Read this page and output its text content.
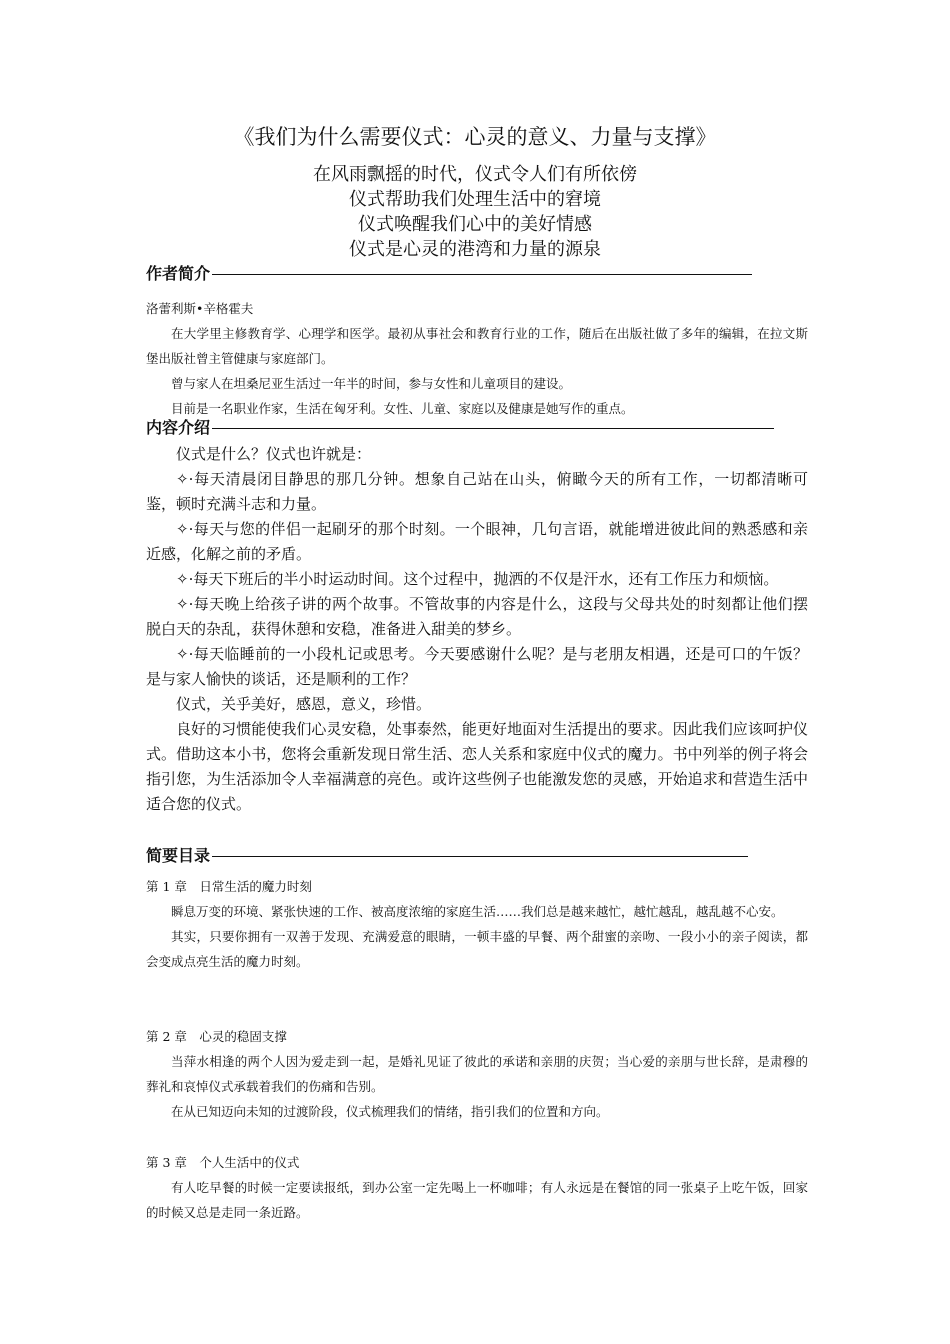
《我们为什么需要仪式：心灵的意义、力量与支撑》
在风雨飘摇的时代，仪式令人们有所依傍
仪式帮助我们处理生活中的窘境
仪式唤醒我们心中的美好情感
仪式是心灵的港湾和力量的源泉
作者简介

洛蕾利斯•辛格霍夫

在大学里主修教育学、心理学和医学。最初从事社会和教育行业的工作，随后在出版社做了多年的编辑，在拉文斯堡出版社曾主管健康与家庭部门。

曾与家人在坦桑尼亚生活过一年半的时间，参与女性和儿童项目的建设。

目前是一名职业作家，生活在匈牙利。女性、儿童、家庭以及健康是她写作的重点。

内容介绍

仪式是什么？仪式也许就是：

✧·每天清晨闭目静思的那几分钟。想象自己站在山头，俯瞰今天的所有工作，一切都清晰可鉴，顿时充满斗志和力量。

✧·每天与您的伴侣一起刷牙的那个时刻。一个眼神，几句言语，就能增进彼此间的熟悉感和亲近感，化解之前的矛盾。

✧·每天下班后的半小时运动时间。这个过程中，抛洒的不仅是汗水，还有工作压力和烦恼。

✧·每天晚上给孩子讲的两个故事。不管故事的内容是什么，这段与父母共处的时刻都让他们摆脱白天的杂乱，获得休憩和安稳，准备进入甜美的梦乡。

✧·每天临睡前的一小段札记或思考。今天要感谢什么呢？是与老朋友相遇，还是可口的午饭？是与家人愉快的谈话，还是顺利的工作？

仪式，关乎美好，感恩，意义，珍惜。

良好的习惯能使我们心灵安稳，处事泰然，能更好地面对生活提出的要求。因此我们应该呵护仪式。借助这本小书，您将会重新发现日常生活、恋人关系和家庭中仪式的魔力。书中列举的例子将会指引您，为生活添加令人幸福满意的亮色。或许这些例子也能激发您的灵感，开始追求和营造生活中适合您的仪式。

简要目录

第 1 章　日常生活的魔力时刻

瞬息万变的环境、紧张快速的工作、被高度浓缩的家庭生活……我们总是越来越忙，越忙越乱，越乱越不心安。

其实，只要你拥有一双善于发现、充满爱意的眼睛，一顿丰盛的早餐、两个甜蜜的亲吻、一段小小的亲子阅读，都会变成点亮生活的魔力时刻。

第 2 章　心灵的稳固支撑

当萍水相逢的两个人因为爱走到一起，是婚礼见证了彼此的承诺和亲朋的庆贺；当心爱的亲朋与世长辞，是肃穆的葬礼和哀悼仪式承载着我们的伤痛和告别。

在从已知迈向未知的过渡阶段，仪式梳理我们的情绪，指引我们的位置和方向。

第 3 章　个人生活中的仪式

有人吃早餐的时候一定要读报纸，到办公室一定先喝上一杯咖啡；有人永远是在餐馆的同一张桌子上吃午饭，回家的时候又总是走同一条近路。
